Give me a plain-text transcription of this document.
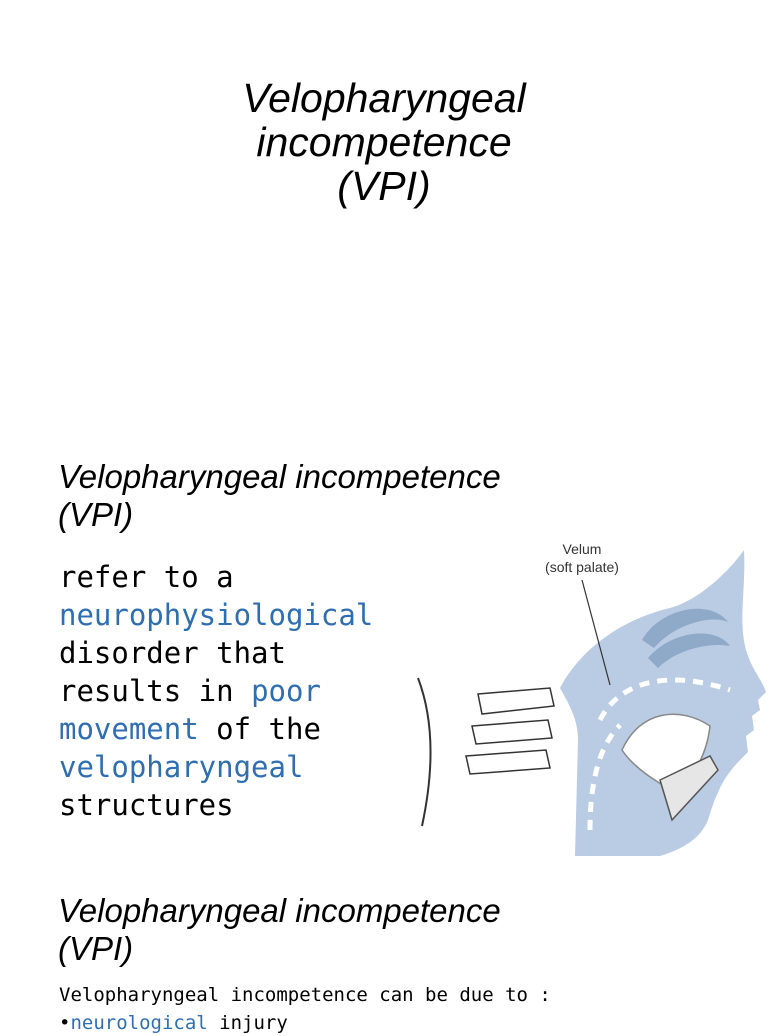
Velopharyngeal
incompetence
(VPI)
Velopharyngeal incompetence
(VPI)

refer to a
neurophysiological
disorder that
results in poor
movement of the
velopharyngeal
structures

Velum
(soft palate)
Velopharyngeal incompetence
(VPI)

Velopharyngeal incompetence can be due to :

•neurological injury
